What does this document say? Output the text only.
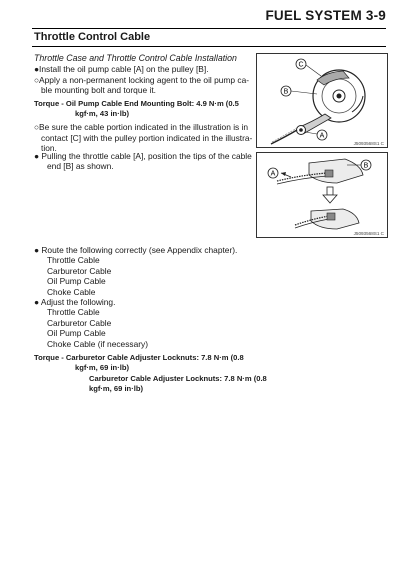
FUEL SYSTEM 3-9
Throttle Control Cable
Throttle Case and Throttle Control Cable Installation
●Install the oil pump cable [A] on the pulley [B].
○Apply a non-permanent locking agent to the oil pump ca-
ble mounting bolt and torque it.
Torque - Oil Pump Cable End Mounting Bolt: 4.9 N·m (0.5
kgf·m, 43 in·lb)
○Be sure the cable portion indicated in the illustration is in
contact [C] with the pulley portion indicated in the illustra-
tion.
● Pulling the throttle cable [A], position the tips of the cable
end [B] as shown.
● Route the following correctly (see Appendix chapter).
Throttle Cable
Carburetor Cable
Oil Pump Cable
Choke Cable
● Adjust the following.
Throttle Cable
Carburetor Cable
Oil Pump Cable
Choke Cable (if necessary)
Torque - Carburetor Cable Adjuster Locknuts: 7.8 N·m (0.8
kgf·m, 69 in·lb)
Carburetor Cable Adjuster Locknuts: 7.8 N·m (0.8
kgf·m, 69 in·lb)
C
B
A
J5093568S1 C
B
A
J5093568S1 C
